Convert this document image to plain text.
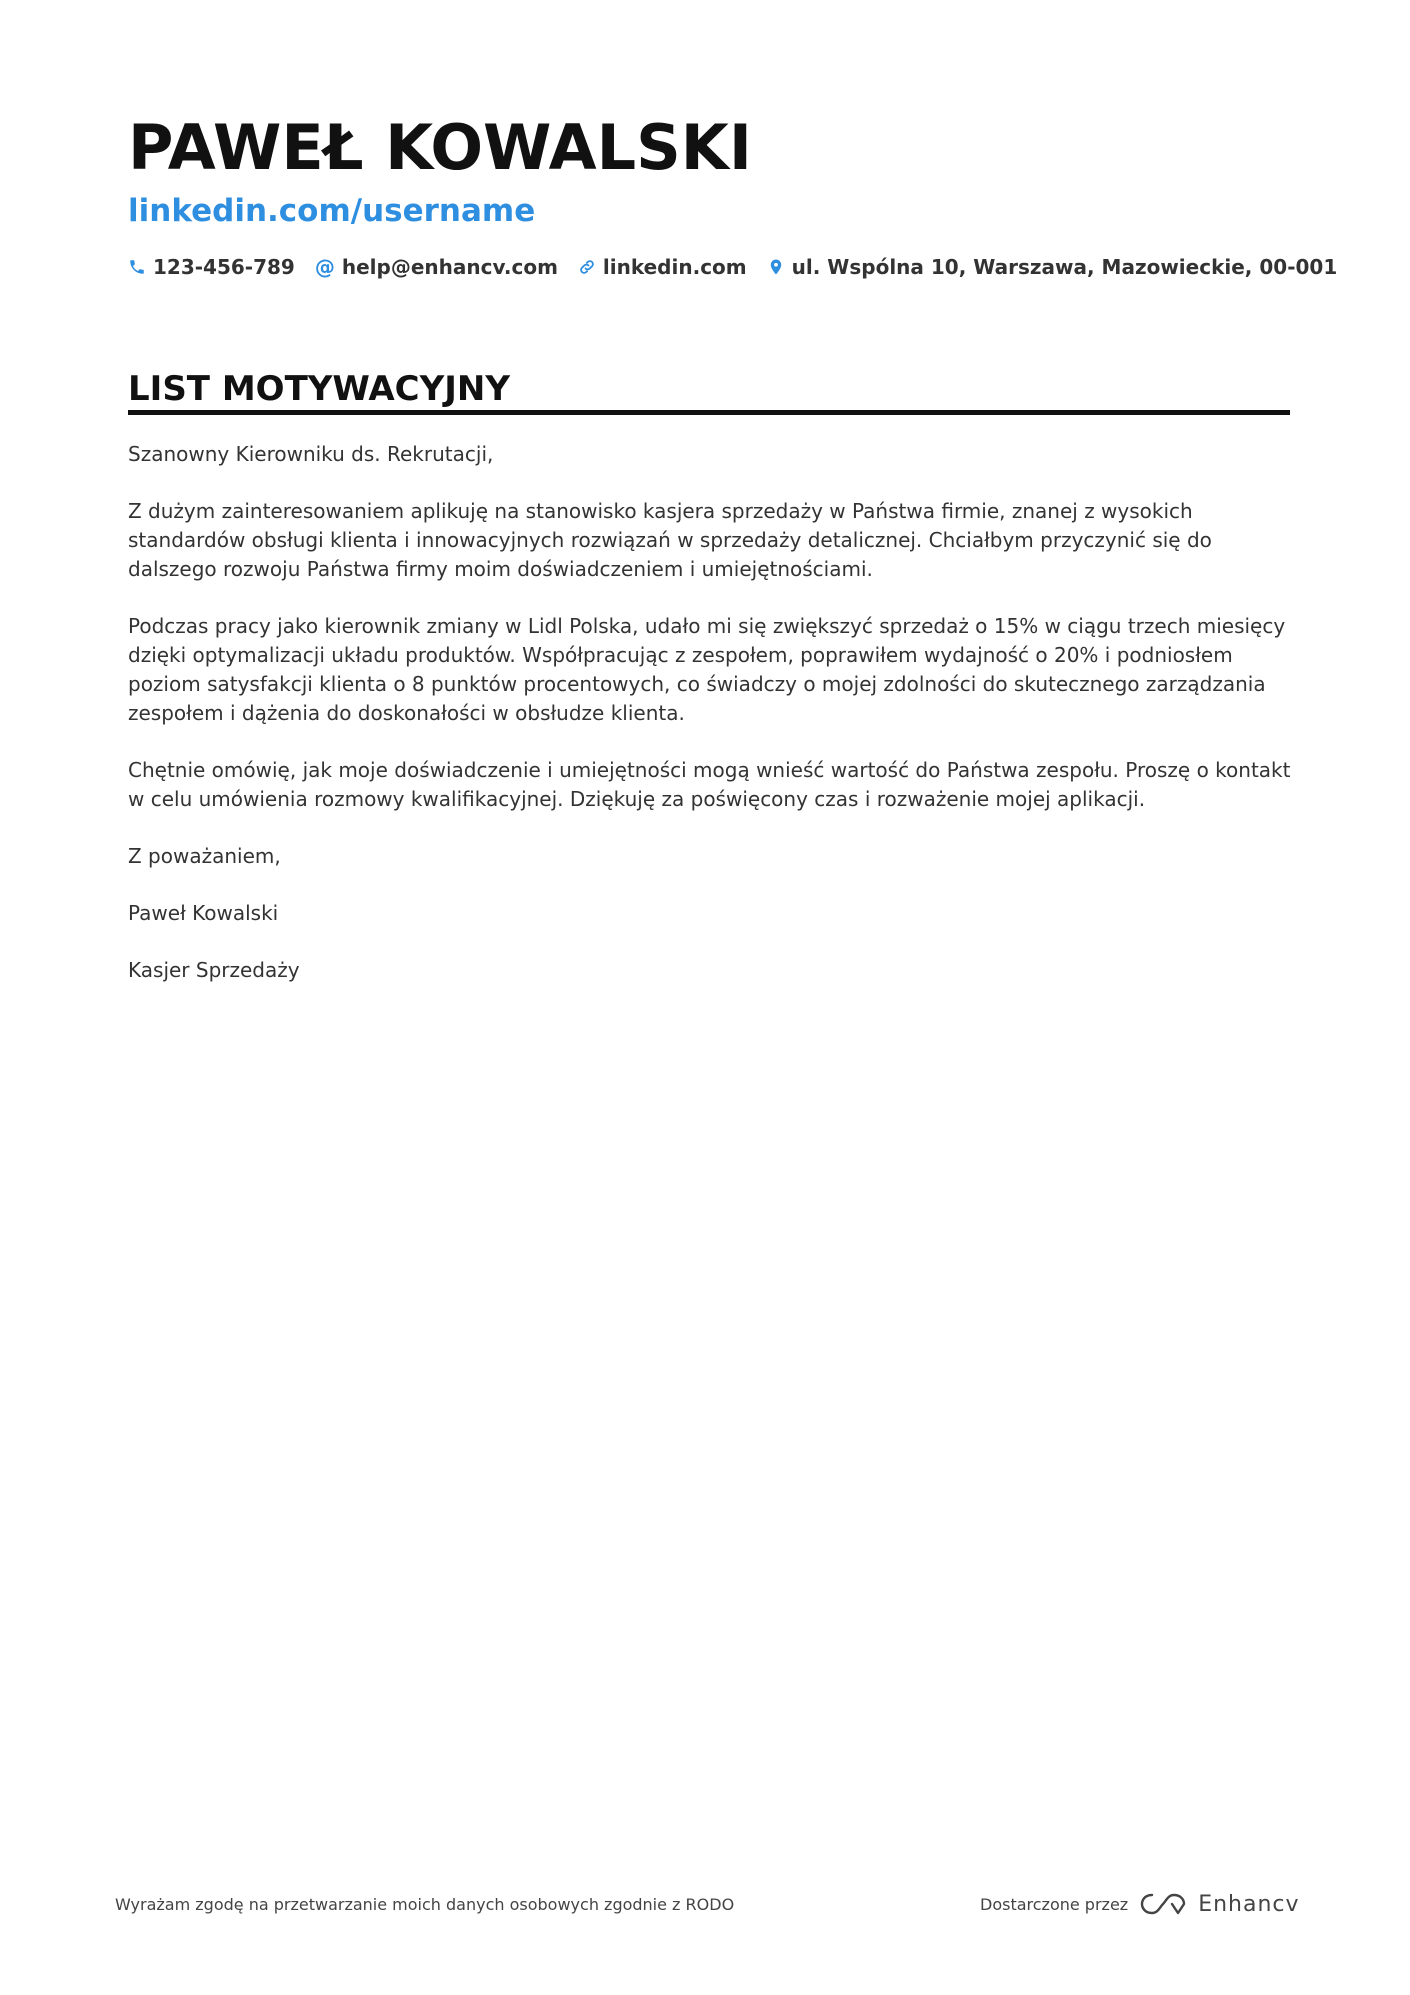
PAWEŁ KOWALSKI
linkedin.com/username
123-456-789 @ help@enhancv.com linkedin.com ul. Wspólna 10, Warszawa, Mazowieckie, 00-001
LIST MOTYWACYJNY

Szanowny Kierowniku ds. Rekrutacji,

Z dużym zainteresowaniem aplikuję na stanowisko kasjera sprzedaży w Państwa firmie, znanej z wysokich standardów obsługi klienta i innowacyjnych rozwiązań w sprzedaży detalicznej. Chciałbym przyczynić się do dalszego rozwoju Państwa firmy moim doświadczeniem i umiejętnościami.

Podczas pracy jako kierownik zmiany w Lidl Polska, udało mi się zwiększyć sprzedaż o 15% w ciągu trzech miesięcy dzięki optymalizacji układu produktów. Współpracując z zespołem, poprawiłem wydajność o 20% i podniosłem poziom satysfakcji klienta o 8 punktów procentowych, co świadczy o mojej zdolności do skutecznego zarządzania zespołem i dążenia do doskonałości w obsłudze klienta.

Chętnie omówię, jak moje doświadczenie i umiejętności mogą wnieść wartość do Państwa zespołu. Proszę o kontakt w celu umówienia rozmowy kwalifikacyjnej. Dziękuję za poświęcony czas i rozważenie mojej aplikacji.

Z poważaniem,

Paweł Kowalski

Kasjer Sprzedaży

Wyrażam zgodę na przetwarzanie moich danych osobowych zgodnie z RODO	Dostarczone przez	Enhancv
